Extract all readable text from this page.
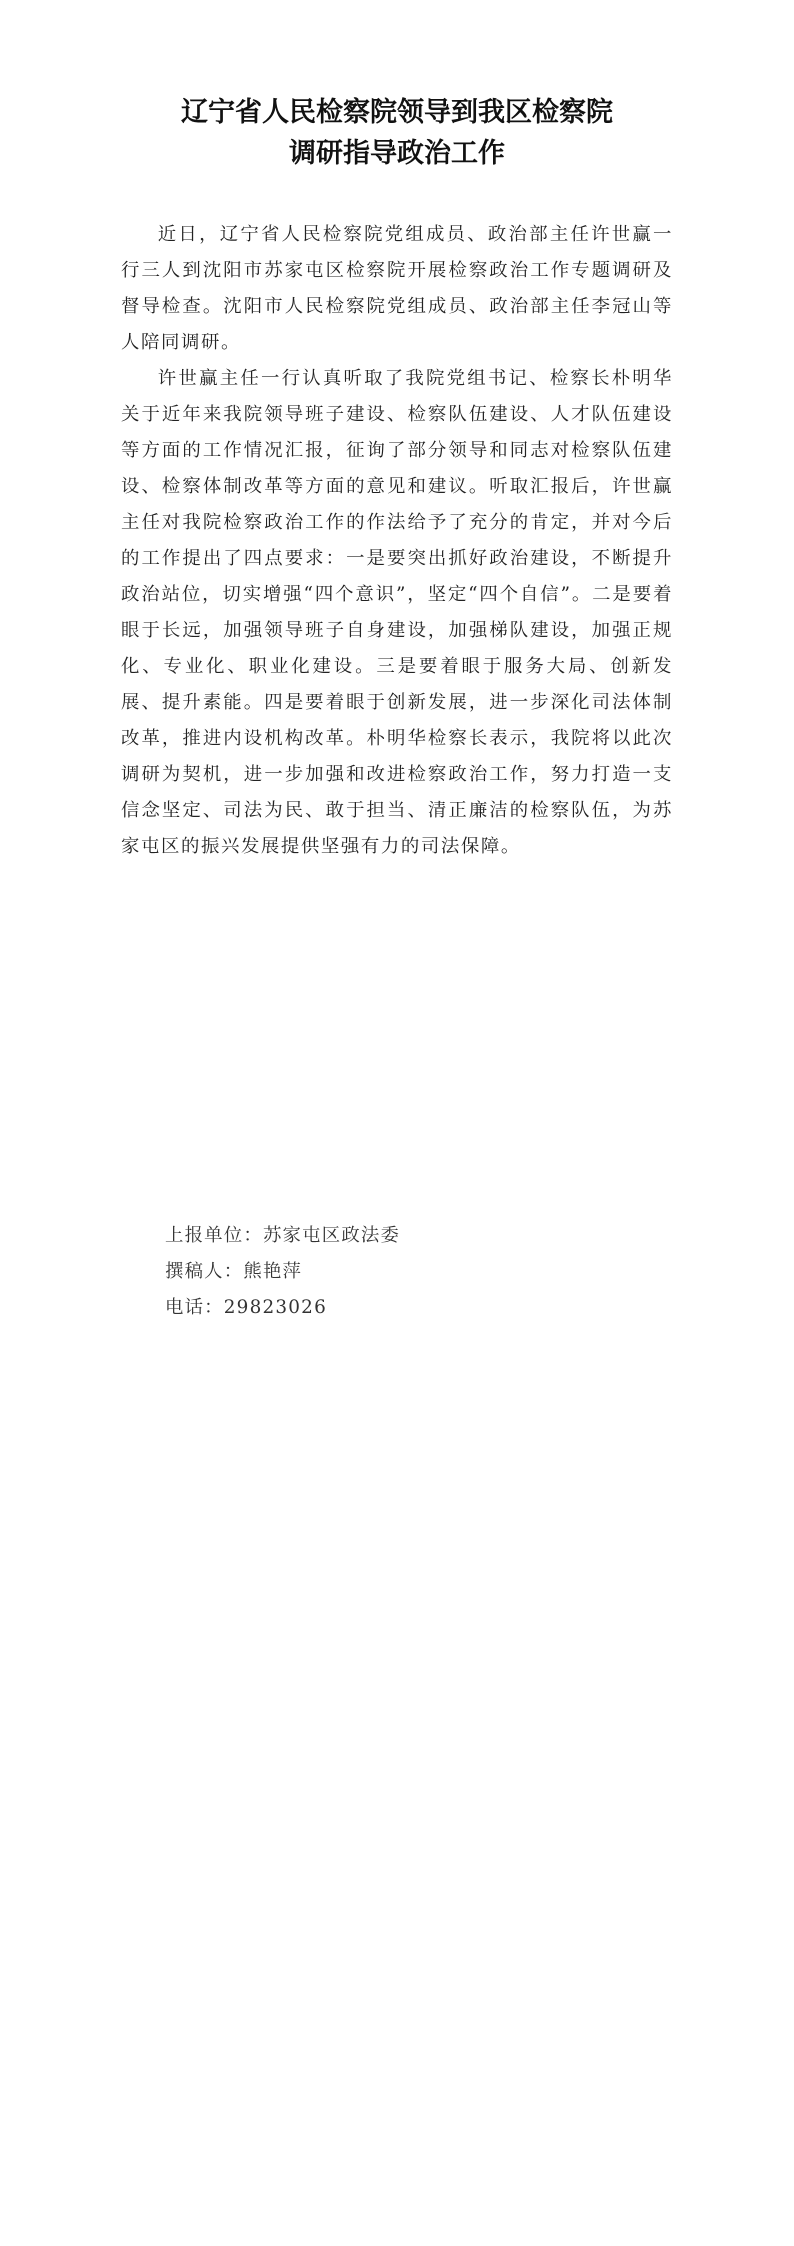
辽宁省人民检察院领导到我区检察院
调研指导政治工作

近日，辽宁省人民检察院党组成员、政治部主任许世赢一行三人到沈阳市苏家屯区检察院开展检察政治工作专题调研及督导检查。沈阳市人民检察院党组成员、政治部主任李冠山等人陪同调研。

许世赢主任一行认真听取了我院党组书记、检察长朴明华关于近年来我院领导班子建设、检察队伍建设、人才队伍建设等方面的工作情况汇报，征询了部分领导和同志对检察队伍建设、检察体制改革等方面的意见和建议。听取汇报后，许世赢主任对我院检察政治工作的作法给予了充分的肯定，并对今后的工作提出了四点要求：一是要突出抓好政治建设，不断提升政治站位，切实增强“四个意识”，坚定“四个自信”。二是要着眼于长远，加强领导班子自身建设，加强梯队建设，加强正规化、专业化、职业化建设。三是要着眼于服务大局、创新发展、提升素能。四是要着眼于创新发展，进一步深化司法体制改革，推进内设机构改革。朴明华检察长表示，我院将以此次调研为契机，进一步加强和改进检察政治工作，努力打造一支信念坚定、司法为民、敢于担当、清正廉洁的检察队伍，为苏家屯区的振兴发展提供坚强有力的司法保障。

上报单位：苏家屯区政法委
撰稿人：熊艳萍
电话：29823026
